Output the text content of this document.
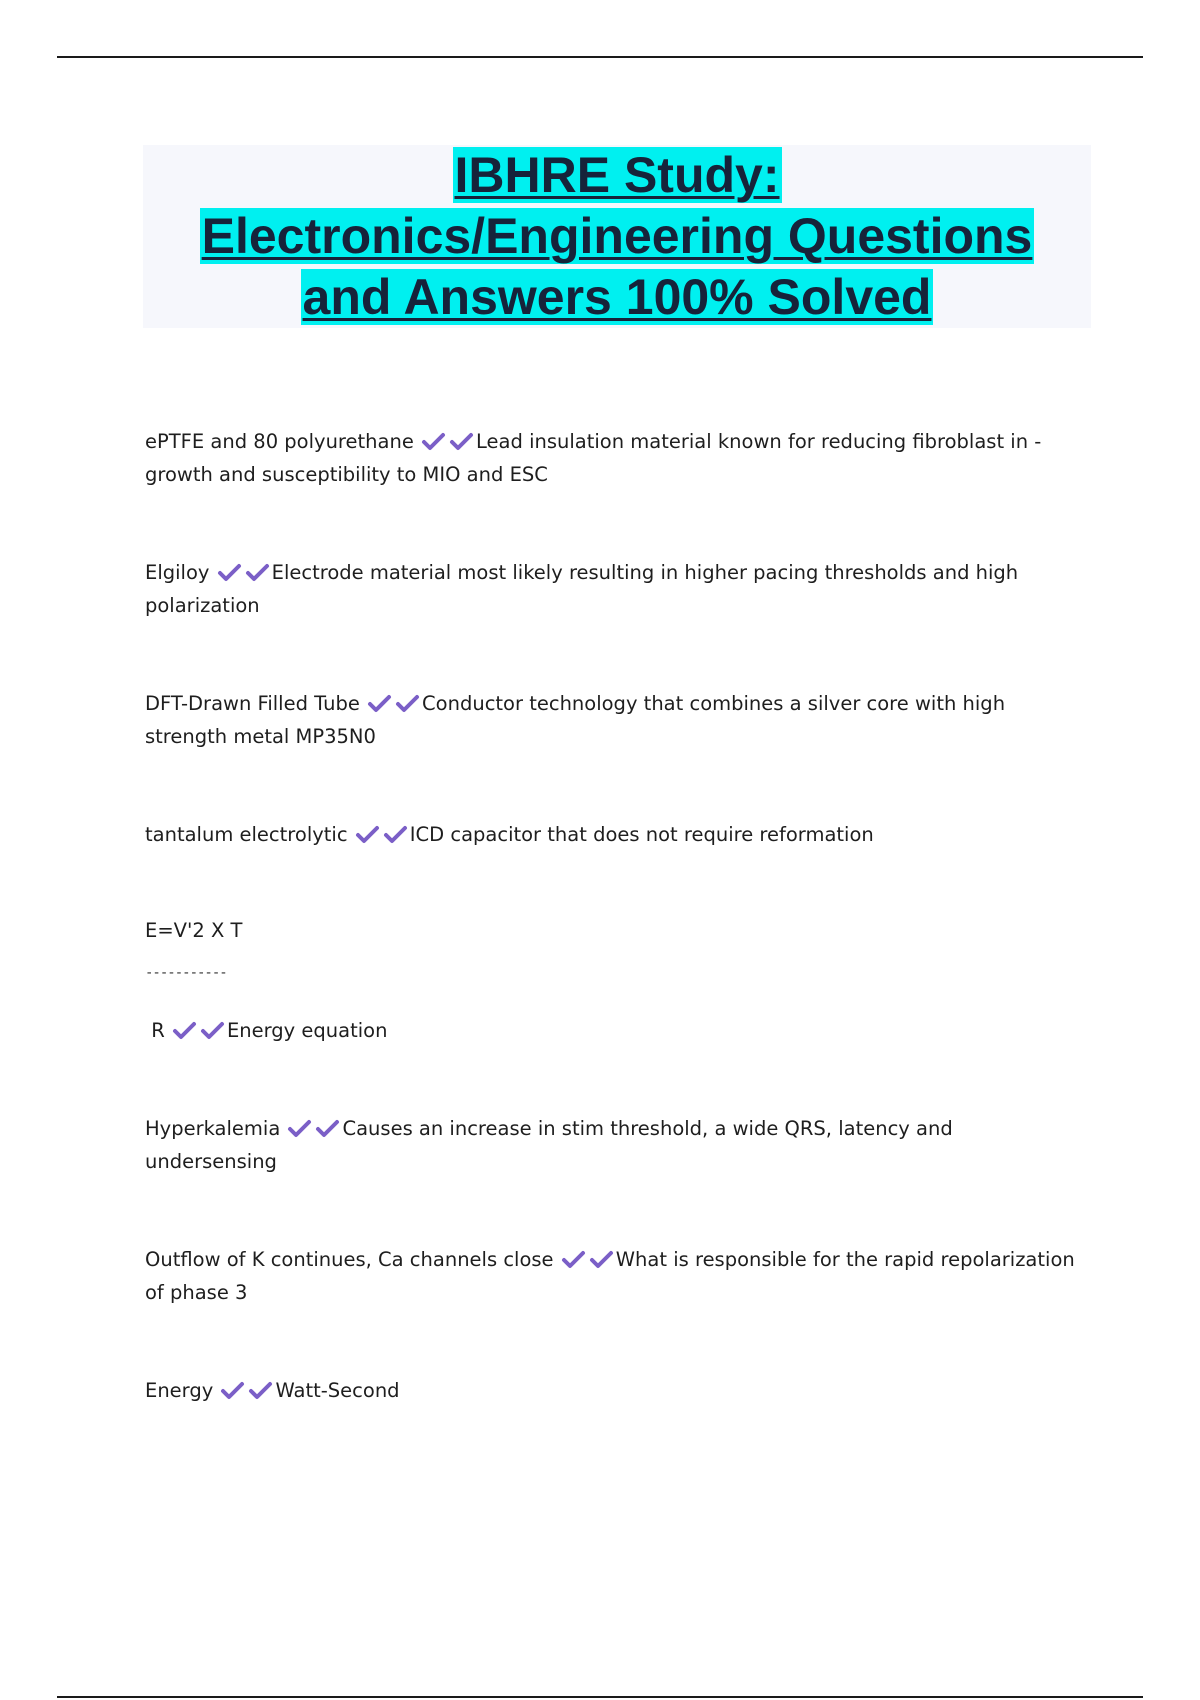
IBHRE Study:
Electronics/Engineering Questions
and Answers 100% Solved
ePTFE and 80 polyurethane	Lead insulation material known for reducing fibroblast in -
growth and susceptibility to MIO and ESC
Elgiloy	Electrode material most likely resulting in higher pacing thresholds and high
polarization
DFT-Drawn Filled Tube	Conductor technology that combines a silver core with high
strength metal MP35N0
tantalum electrolytic	ICD capacitor that does not require reformation
E=V'2 X T
-----------
R	Energy equation
Hyperkalemia	Causes an increase in stim threshold, a wide QRS, latency and
undersensing
Outflow of K continues, Ca channels close	What is responsible for the rapid repolarization
of phase 3
Energy	Watt-Second
